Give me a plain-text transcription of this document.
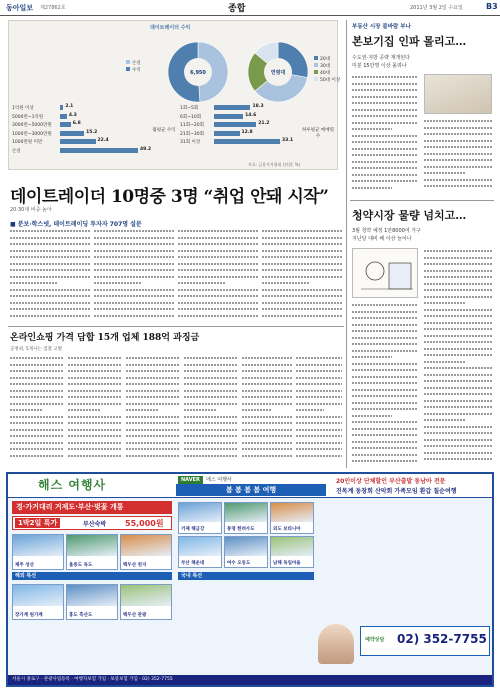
동아일보 제27862호	종합	2011년 3월 2일 수요일	B3
데이트레이더 수익
6,950	연령대
손실
수익
20대
30대
40대
50대 이상
1억원 이상	2.1
5000만~1억원	4.3
3000만~5000만원	6.8
1000만~3000만원	15.2
1000만원 미만	22.4
손실	49.2
1회~5회	18.3
6회~10회	14.6
11회~20회	21.2
21회~30회	12.8
31회 이상	33.1
월평균 수익	하루평균 매매횟수
자료: 금융투자협회 (단위: %)
데이트레이더 10명중 3명 “취업 안돼 시작”
20·30대 비중 높아
■ 분보·학스넷, 데이트레이딩 투자자 707명 설문
온라인쇼핑 가격 담합 15개 업체 188억 과징금
공정위, 5개사는 검찰 고발
부동산 시장 불바람 부나
본보기집 인파 몰리고…
수도권·지방 공략 재개된다
미분 15만명 이상 몰려나
청약시장 물량 넘치고…
3월 청약 예정 1만8000여 가구
지난달 대비 배 이상 늘어나
해스 여행사	NAVER	에스 여행사
봄 봄 봄 봄 여행
20인이상 단체할인 부산출발 동남아 전문
진목계 동창회 산악회 가족모임 환갑 칠순여행
경·가거대리 거제도·부산·벚꽃 개통
1박2일 특가	부산숙박 55,000원
거제 해금강	통영 한려수도	외도 보타니아
부산 해운대	여수 오동도	남해 독일마을
제주 성산	울릉도 독도	백두산 천지
장가계 원가계	홍도 흑산도	백두산 관광
국내 특선
해외 특선
예약상담 02) 352-7755
서울시 종로구 · 관광사업등록 · 여행자보험 가입 · 보증보험 가입 · 02) 352-7755
